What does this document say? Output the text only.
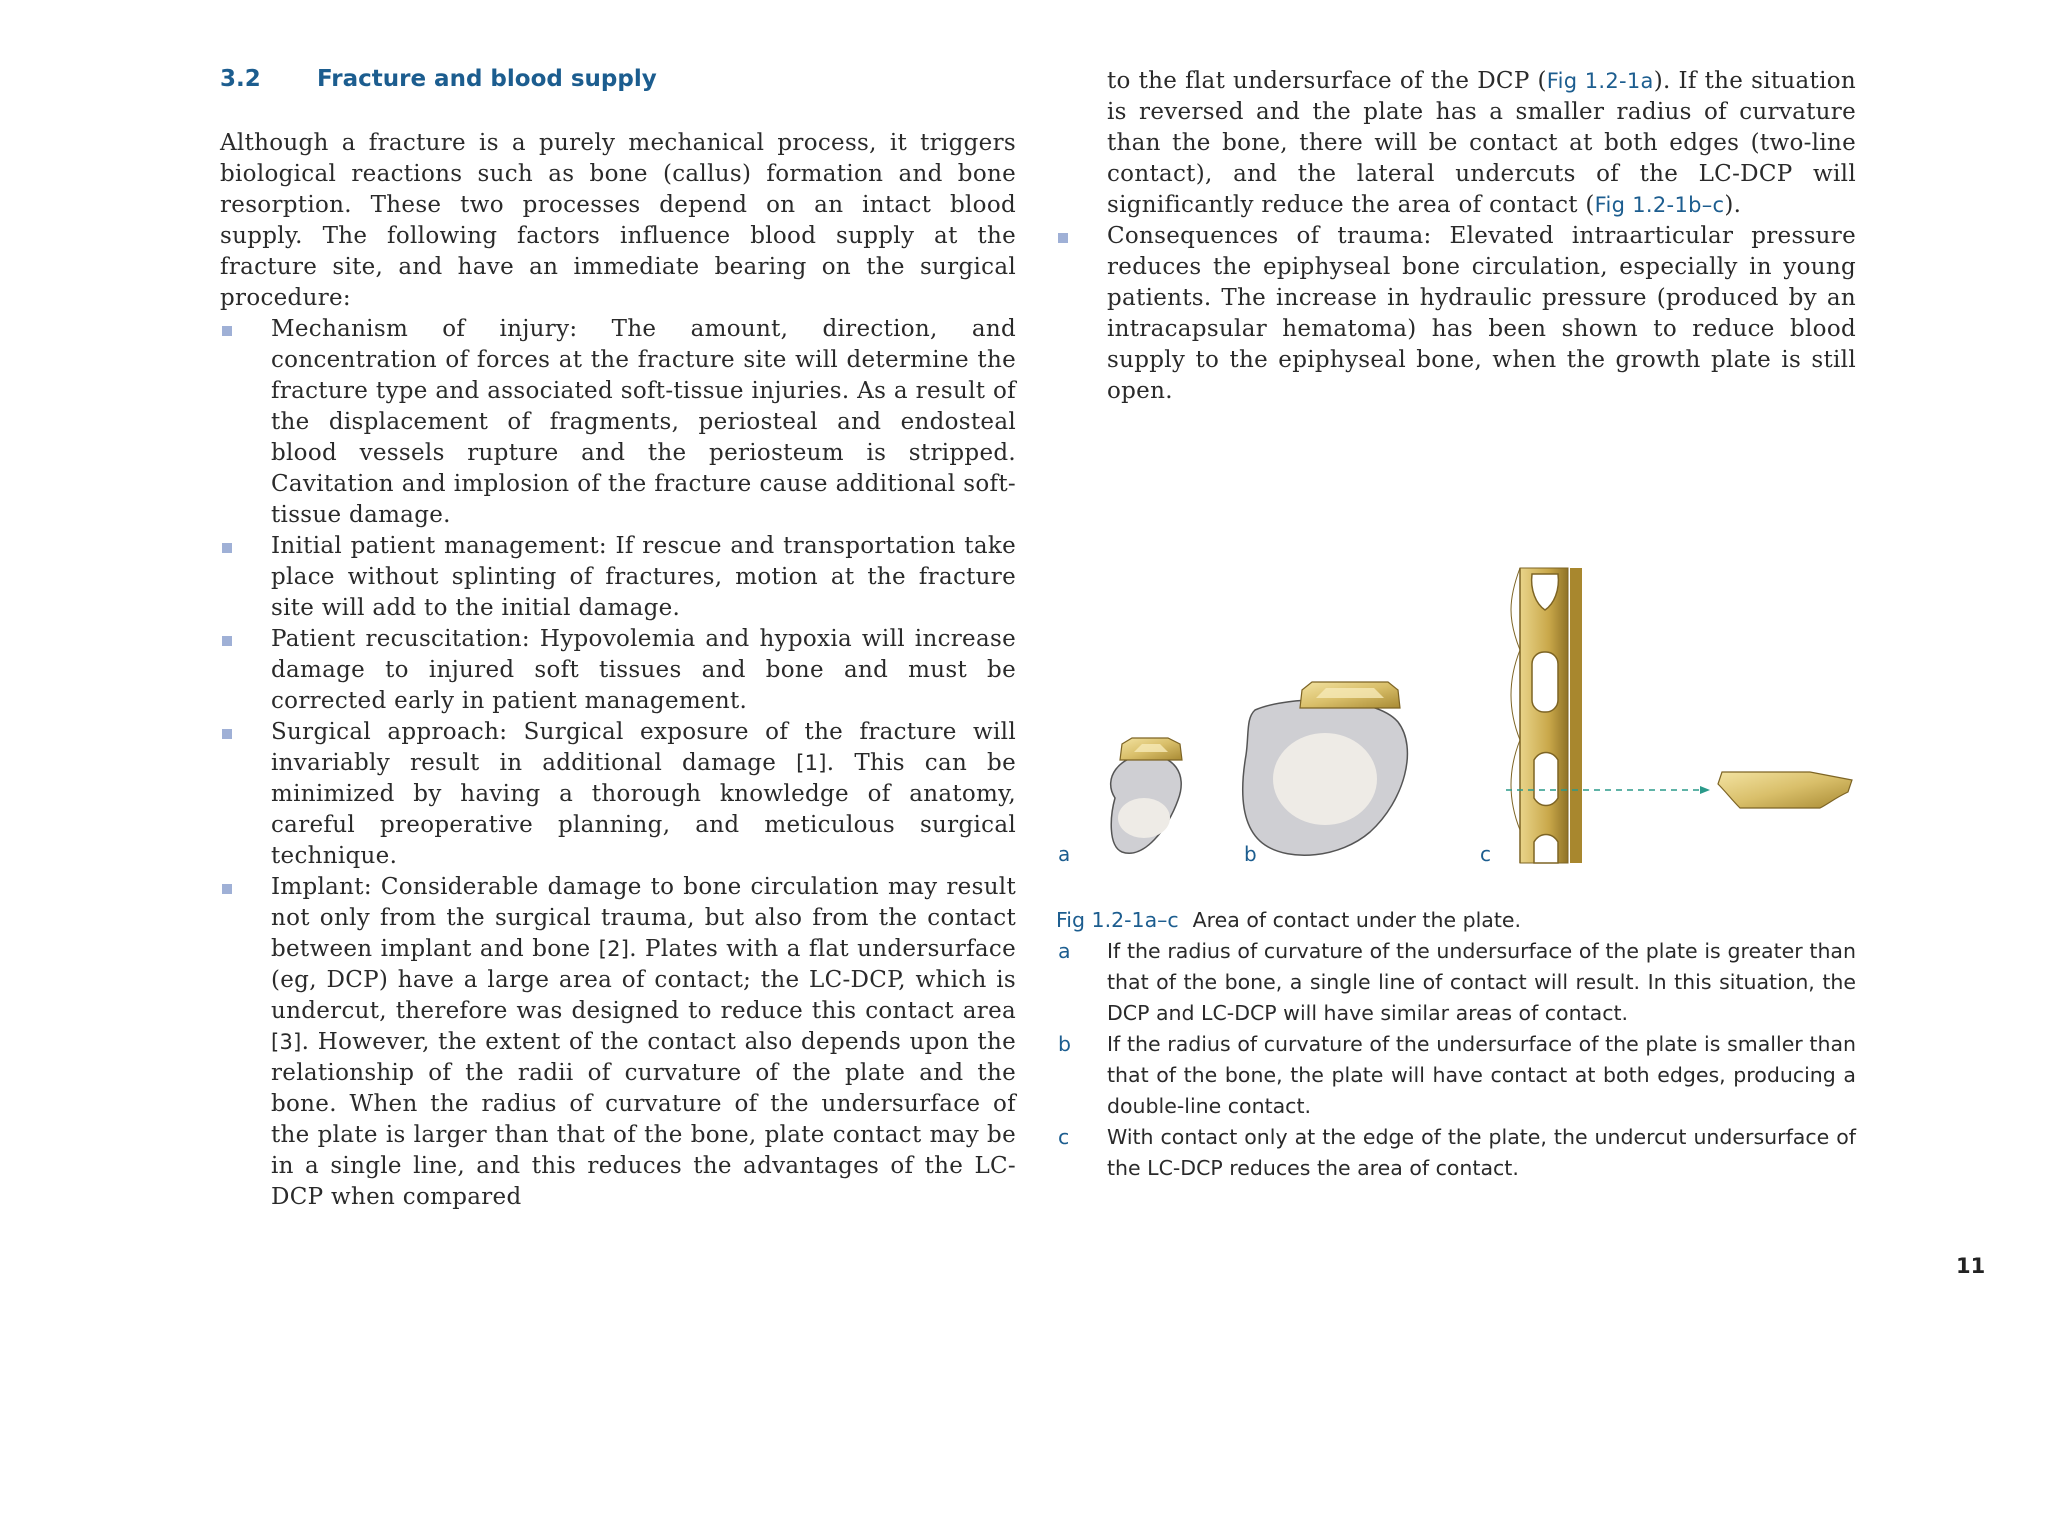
3.2 Fracture and blood supply

Although a fracture is a purely mechanical process, it triggers biological reactions such as bone (callus) formation and bone resorption. These two processes depend on an intact blood supply. The following factors influence blood supply at the fracture site, and have an immediate bearing on the surgical procedure:

Mechanism of injury: The amount, direction, and concentration of forces at the fracture site will determine the fracture type and associated soft-tissue injuries. As a result of the displacement of fragments, periosteal and endosteal blood vessels rupture and the periosteum is stripped. Cavitation and implosion of the fracture cause additional soft-tissue damage.
Initial patient management: If rescue and transportation take place without splinting of fractures, motion at the fracture site will add to the initial damage.
Patient recuscitation: Hypovolemia and hypoxia will increase damage to injured soft tissues and bone and must be corrected early in patient management.
Surgical approach: Surgical exposure of the fracture will invariably result in additional damage [1]. This can be minimized by having a thorough knowledge of anatomy, careful preoperative planning, and meticulous surgical technique.
Implant: Considerable damage to bone circulation may result not only from the surgical trauma, but also from the contact between implant and bone [2]. Plates with a flat undersurface (eg, DCP) have a large area of contact; the LC-DCP, which is undercut, therefore was designed to reduce this contact area [3]. However, the extent of the contact also depends upon the relationship of the radii of curvature of the plate and the bone. When the radius of curvature of the undersurface of the plate is larger than that of the bone, plate contact may be in a single line, and this reduces the advantages of the LC-DCP when compared

to the flat undersurface of the DCP (Fig 1.2-1a). If the situation is reversed and the plate has a smaller radius of curvature than the bone, there will be contact at both edges (two-line contact), and the lateral undercuts of the LC-DCP will significantly reduce the area of contact (Fig 1.2-1b–c).

Consequences of trauma: Elevated intraarticular pressure reduces the epiphyseal bone circulation, especially in young patients. The increase in hydraulic pressure (produced by an intracapsular hematoma) has been shown to reduce blood supply to the epiphyseal bone, when the growth plate is still open.
a	b	c
Fig 1.2-1a–c Area of contact under the plate.
a If the radius of curvature of the undersurface of the plate is greater than that of the bone, a single line of contact will result. In this situation, the DCP and LC-DCP will have similar areas of contact.
b If the radius of curvature of the undersurface of the plate is smaller than that of the bone, the plate will have contact at both edges, producing a double-line contact.
c With contact only at the edge of the plate, the undercut undersurface of the LC-DCP reduces the area of contact.
11
